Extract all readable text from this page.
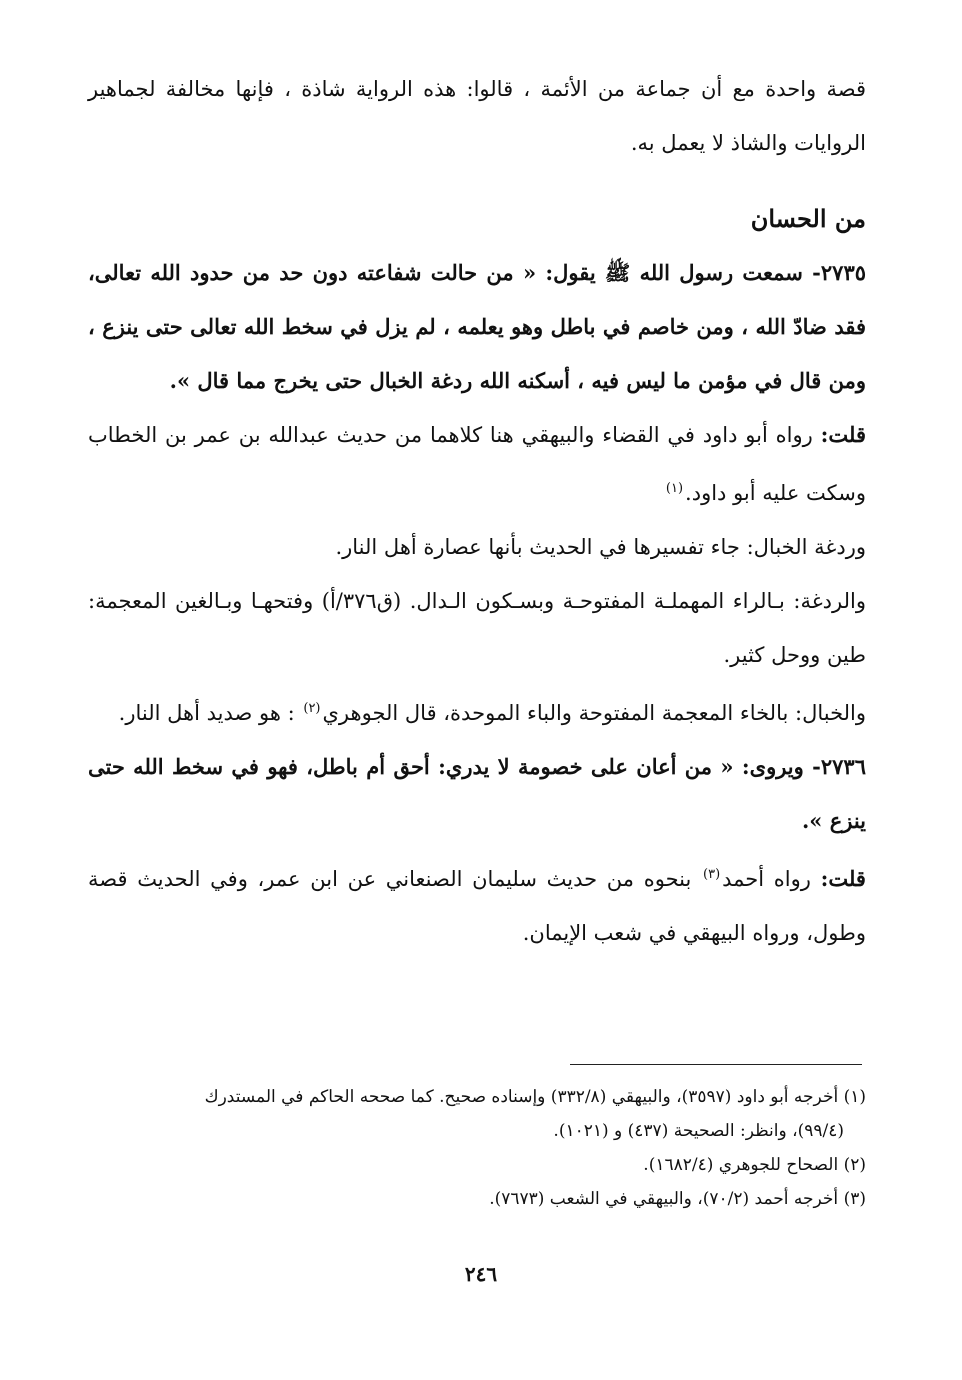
قصة واحدة مع أن جماعة من الأئمة ، قالوا: هذه الرواية شاذة ، فإنها مخالفة لجماهير الروايات والشاذ لا يعمل به.

من الحسان

٢٧٣٥- سمعت رسول الله ﷺ يقول: « من حالت شفاعته دون حد من حدود الله تعالى، فقد ضادّ الله ، ومن خاصم في باطل وهو يعلمه ، لم يزل في سخط الله تعالى حتى ينزع ، ومن قال في مؤمن ما ليس فيه ، أسكنه الله ردغة الخبال حتى يخرج مما قال ».

قلت: رواه أبو داود في القضاء والبيهقي هنا كلاهما من حديث عبدالله بن عمر بن الخطاب وسكت عليه أبو داود.$^{(١)}$

وردغة الخبال: جاء تفسيرها في الحديث بأنها عصارة أهل النار.

والردغة: بـالراء المهملـة المفتوحـة وبسـكون الـدال. (ق٣٧٦/أ) وفتحهـا وبـالغين المعجمة: طين ووحل كثير.

والخبال: بالخاء المعجمة المفتوحة والباء الموحدة، قال الجوهري$^{(٢)}$ : هو صديد أهل النار.

٢٧٣٦- ويروى: « من أعان على خصومة لا يدري: أحق أم باطل، فهو في سخط الله حتى ينزع ».

قلت: رواه أحمد$^{(٣)}$ بنحوه من حديث سليمان الصنعاني عن ابن عمر، وفي الحديث قصة وطول، ورواه البيهقي في شعب الإيمان.

(١) أخرجه أبو داود (٣٥٩٧)، والبيهقي (٣٣٢/٨) وإسناده صحيح. كما صححه الحاكم في المستدرك

(٩٩/٤)، وانظر: الصحيحة (٤٣٧) و (١٠٢١).

(٢) الصحاح للجوهري (١٦٨٢/٤).

(٣) أخرجه أحمد (٧٠/٢)، والبيهقي في الشعب (٧٦٧٣).

٢٤٦
